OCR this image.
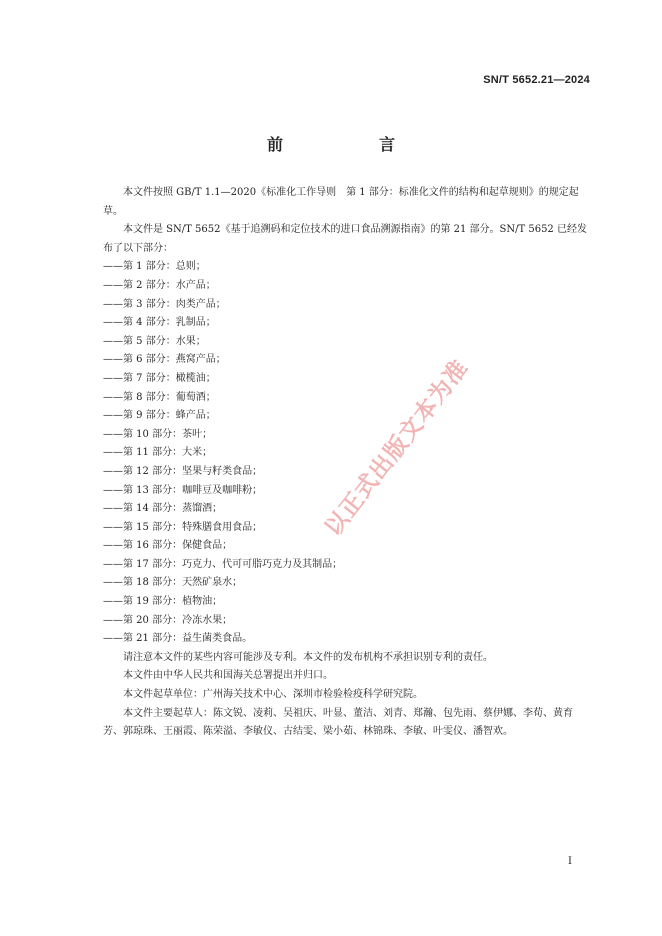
SN/T 5652.21—2024
前　言

本文件按照 GB/T 1.1—2020《标准化工作导则　第 1 部分：标准化文件的结构和起草规则》的规定起草。

本文件是 SN/T 5652《基于追溯码和定位技术的进口食品溯源指南》的第 21 部分。SN/T 5652 已经发布了以下部分：

——第 1 部分：总则；
——第 2 部分：水产品；
——第 3 部分：肉类产品；
——第 4 部分：乳制品；
——第 5 部分：水果；
——第 6 部分：燕窝产品；
——第 7 部分：橄榄油；
——第 8 部分：葡萄酒；
——第 9 部分：蜂产品；
——第 10 部分：茶叶；
——第 11 部分：大米；
——第 12 部分：坚果与籽类食品；
——第 13 部分：咖啡豆及咖啡粉；
——第 14 部分：蒸馏酒；
——第 15 部分：特殊膳食用食品；
——第 16 部分：保健食品；
——第 17 部分：巧克力、代可可脂巧克力及其制品；
——第 18 部分：天然矿泉水；
——第 19 部分：植物油；
——第 20 部分：冷冻水果；
——第 21 部分：益生菌类食品。

请注意本文件的某些内容可能涉及专利。本文件的发布机构不承担识别专利的责任。

本文件由中华人民共和国海关总署提出并归口。

本文件起草单位：广州海关技术中心、深圳市检验检疫科学研究院。

本文件主要起草人：陈文锐、凌莉、吴祖庆、叶显、董洁、刘青、郑瀚、包先雨、蔡伊娜、李荀、黄育芳、郭琼珠、王丽霞、陈荣溢、李敏仪、古结雯、梁小茹、林锦珠、李敏、叶雯仪、潘智欢。

以正式出版文本为准
I
